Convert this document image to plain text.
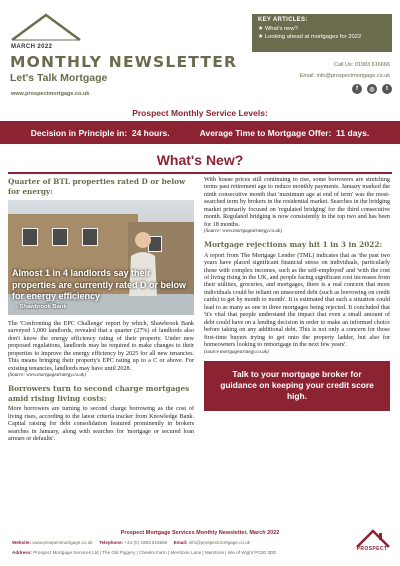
MARCH 2022
MONTHLY NEWSLETTER
Let's Talk Mortgage
www.prospectmortgage.co.uk
KEY ARTICLES:
★ What's new?
★ Looking ahead at mortgages for 2022
Call Us: 01983 616666
Email: info@prospectmortgage.co.uk
f	◎	t
Prospect Monthly Service Levels:
Decision in Principle in: 24 hours.	Average Time to Mortgage Offer: 11 days.
What's New?
Quarter of BTL properties rated D or below for energy:
Almost 1 in 4 landlords say their properties are currently rated D or below for energy efficiency
- Shawbrook Bank
The 'Confronting the EPC Challenge' report by which, Shawbrook Bank surveyed 1,000 landlords, revealed that a quarter (27%) of landlords also don't know the energy efficiency rating of their property. Under new proposed regulations, landlords may be required to make changes to their properties to improve the energy efficiency by 2025 for all new tenancies. This means bringing their property's EPC rating up to a C or above. For existing tenancies, landlords may have until 2028.
(Source: www.mortgagestrategy.co.uk)
Borrowers turn to second charge mortgages amid rising living costs:
More borrowers are turning to second charge borrowing as the cost of living rises, according to the latest criteria tracker from Knowledge Bank. Capital raising for debt consolidation featured prominently in brokers searches in January, along with searches for 'mortgage or secured loan arrears or defaults'.
With house prices still continuing to rise, some borrowers are stretching terms past retirement age to reduce monthly payments. January marked the ninth consecutive month that 'maximum age at end of term' was the most-searched term by brokers in the residential market. Searches in the bridging market primarily focused on 'regulated bridging' for the third consecutive month. Regulated bridging is now consistently in the top two and has been for 18 months.
(Source: www.mortgagestrategy.co.uk)
Mortgage rejections may hit 1 in 3 in 2022:
A report from The Mortgage Lender (TML) indicates that as 'the past two years have placed significant financial stress on individuals, particularly those with complex incomes, such as the self-employed' and 'with the cost of living rising in the UK, and people facing significant cost increases from their utilities, groceries, and mortgages, there is a real concern that more individuals could be reliant on unsecured debt (such as borrowing on credit cards) to get by month to month'. It is estimated that such a situation could lead to as many as one in three mortgages being rejected. It concluded that 'it's vital that people understand the impact that even a small amount of debt could have on a lending decision in order to make an informed choice before taking on any additional debt. This is not only a concern for those first-time buyers trying to get onto the property ladder, but also for homeowners looking to remortgage in the next few years'.
(source mortgagestrategy.co.uk)
Talk to your mortgage broker for guidance on keeping your credit score high.
Prospect Mortgage Services Monthly Newsletter, March 2022
Website: www.prospectmortgage.co.uk Telephone: +44 (0) 1983 616666 Email: info@prospectmortgage.co.uk
Address: Prospect Mortgage Services Ltd | The Old Piggery | Cheeks Farm | Merstone Lane | Merstone | Isle of Wight PO30 3DE
PROSPECT
